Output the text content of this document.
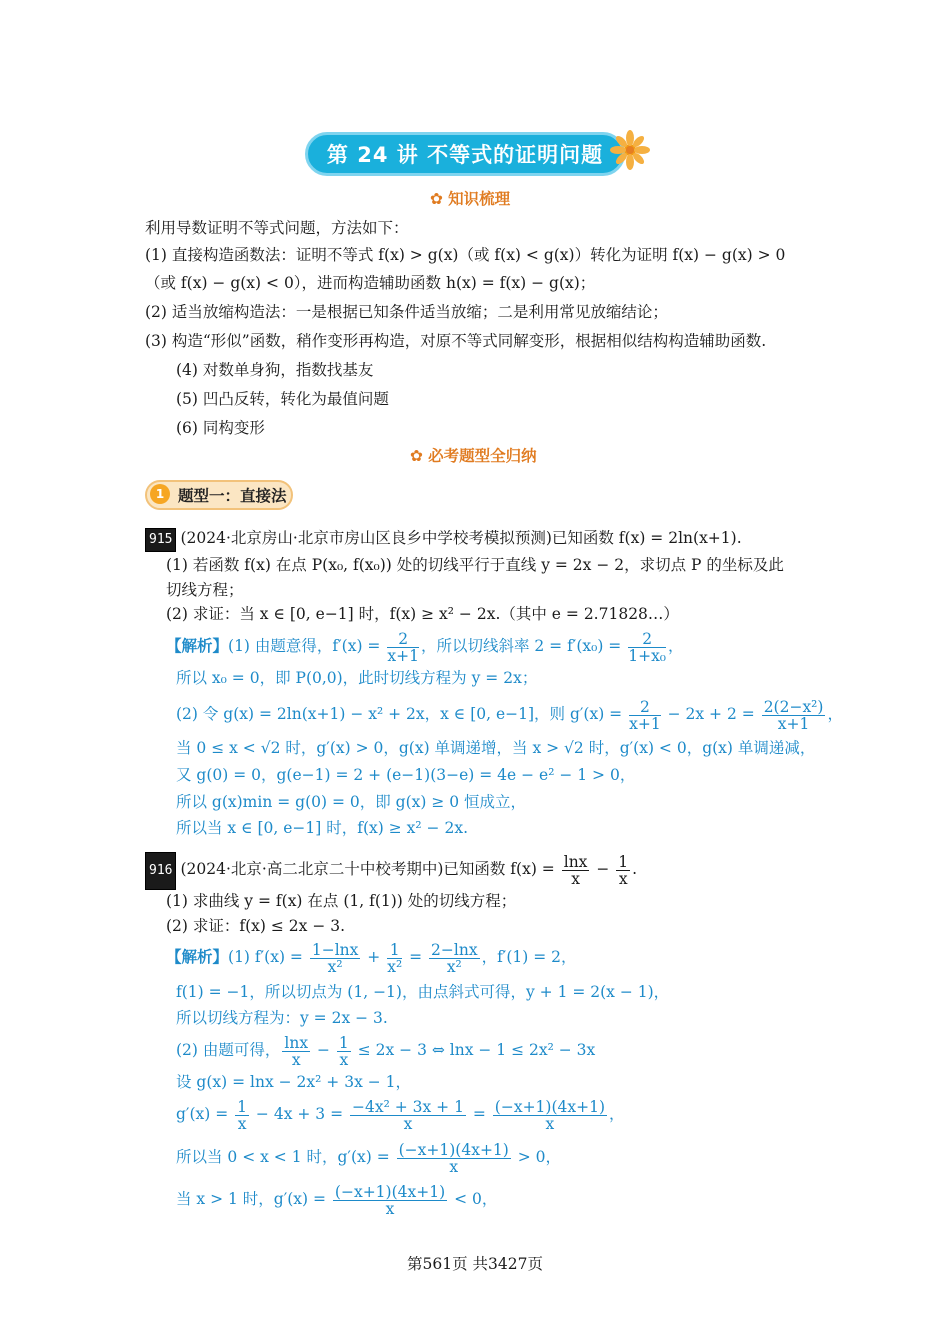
第 24 讲 不等式的证明问题
✿ 知识梳理
利用导数证明不等式问题，方法如下：
(1) 直接构造函数法：证明不等式 f(x) > g(x)（或 f(x) < g(x)）转化为证明 f(x) − g(x) > 0
（或 f(x) − g(x) < 0），进而构造辅助函数 h(x) = f(x) − g(x)；
(2) 适当放缩构造法：一是根据已知条件适当放缩；二是利用常见放缩结论；
(3) 构造“形似”函数，稍作变形再构造，对原不等式同解变形，根据相似结构构造辅助函数.
(4) 对数单身狗，指数找基友
(5) 凹凸反转，转化为最值问题
(6) 同构变形
✿ 必考题型全归纳
1 题型一：直接法
915 (2024·北京房山·北京市房山区良乡中学校考模拟预测)已知函数 f(x) = 2ln(x+1).
(1) 若函数 f(x) 在点 P(x₀, f(x₀)) 处的切线平行于直线 y = 2x − 2，求切点 P 的坐标及此
切线方程；
(2) 求证：当 x ∈ [0, e−1] 时，f(x) ≥ x² − 2x.（其中 e = 2.71828…）
【解析】(1) 由题意得，$f'(x) = \frac{2}{x+1}$ ，所以切线斜率 $2 = f'(x_0) = \frac{2}{\text{1+x₀}}$ ，
所以 x₀ = 0，即 P(0,0)，此时切线方程为 y = 2x；
(2) 令 g(x) = 2ln(x+1) − x² + 2x，x ∈ [0, e−1]，则 $g'(x) = \frac{2}{x+1} - 2x + 2 = \frac{\text{2(2−x²)}}{x+1}$ ，
当 0 ≤ x < √2 时，g′(x) > 0，g(x) 单调递增，当 x > √2 时，g′(x) < 0，g(x) 单调递减，
又 g(0) = 0，g(e−1) = 2 + (e−1)(3−e) = 4e − e² − 1 > 0，
所以 g(x)min = g(0) = 0，即 g(x) ≥ 0 恒成立，
所以当 x ∈ [0, e−1] 时，f(x) ≥ x² − 2x.
916 (2024·北京·高二北京二十中校考期中)已知函数 $f(x) = \frac{\ln x}{x} - \frac{1}{x}$ .
(1) 求曲线 y = f(x) 在点 (1, f(1)) 处的切线方程；
(2) 求证：f(x) ≤ 2x − 3.
【解析】(1) $f'(x) = \frac{1-\ln x}{\text{x²}} + \frac{1}{\text{x²}} = \frac{2-\ln x}{\text{x²}}$ ，f′(1) = 2，
f(1) = −1，所以切点为 (1, −1)，由点斜式可得，y + 1 = 2(x − 1)，
所以切线方程为：y = 2x − 3.
(2) 由题可得， $\frac{\ln x}{x} - \frac{1}{x} \le 2x - 3$ ⇔ lnx − 1 ≤ 2x² − 3x
设 g(x) = lnx − 2x² + 3x − 1，
$g'(x) = \frac{1}{x} - 4x + 3 = \frac{\text{−4x² + 3x + 1}}{x} = \frac{(-x+1)(4x+1)}{x}$ ，
所以当 0 < x < 1 时，$g'(x) = \frac{(-x+1)(4x+1)}{x} > 0$，
当 x > 1 时，$g'(x) = \frac{(-x+1)(4x+1)}{x} < 0$，
第561页 共3427页
